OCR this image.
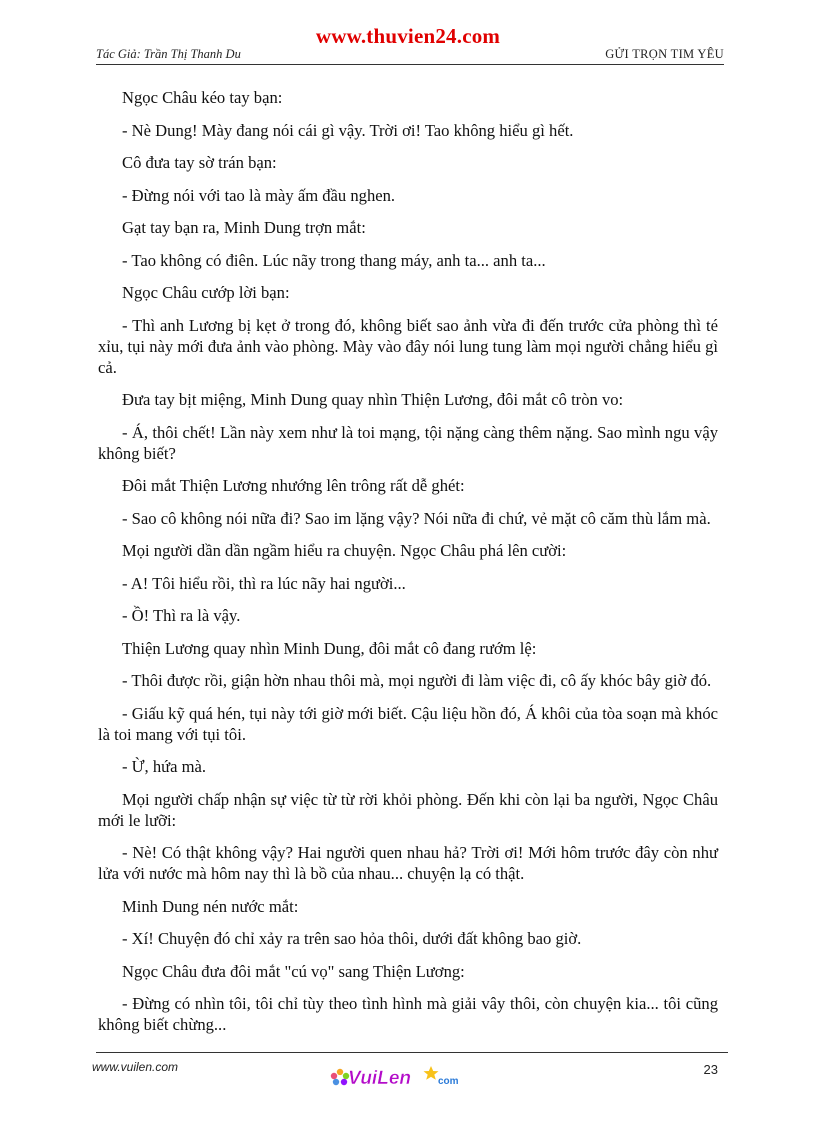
www.thuvien24.com
Tác Giả: Trần Thị Thanh Du	GỬI TRỌN TIM YÊU

Ngọc Châu kéo tay bạn:

- Nè Dung! Mày đang nói cái gì vậy. Trời ơi! Tao không hiểu gì hết.

Cô đưa tay sờ trán bạn:

- Đừng nói với tao là mày ấm đầu nghen.

Gạt tay bạn ra, Minh Dung trợn mắt:

- Tao không có điên. Lúc nãy trong thang máy, anh ta... anh ta...

Ngọc Châu cướp lời bạn:

- Thì anh Lương bị kẹt ở trong đó, không biết sao ảnh vừa đi đến trước cửa phòng thì té xỉu, tụi này mới đưa ảnh vào phòng. Mày vào đây nói lung tung làm mọi người chẳng hiểu gì cả.

Đưa tay bịt miệng, Minh Dung quay nhìn Thiện Lương, đôi mắt cô tròn vo:

- Á, thôi chết! Lần này xem như là toi mạng, tội nặng càng thêm nặng. Sao mình ngu vậy không biết?

Đôi mắt Thiện Lương nhướng lên trông rất dễ ghét:

- Sao cô không nói nữa đi? Sao im lặng vậy? Nói nữa đi chứ, vẻ mặt cô căm thù lắm mà.

Mọi người dần dần ngầm hiểu ra chuyện. Ngọc Châu phá lên cười:

- A! Tôi hiểu rồi, thì ra lúc nãy hai người...

- Ồ! Thì ra là vậy.

Thiện Lương quay nhìn Minh Dung, đôi mắt cô đang rướm lệ:

- Thôi được rồi, giận hờn nhau thôi mà, mọi người đi làm việc đi, cô ấy khóc bây giờ đó.

- Giấu kỹ quá hén, tụi này tới giờ mới biết. Cậu liệu hồn đó, Á khôi của tòa soạn mà khóc là toi mang với tụi tôi.

- Ừ, hứa mà.

Mọi người chấp nhận sự việc từ từ rời khỏi phòng. Đến khi còn lại ba người, Ngọc Châu mới le lưỡi:

- Nè! Có thật không vậy? Hai người quen nhau hả? Trời ơi! Mới hôm trước đây còn như lửa với nước mà hôm nay thì là bồ của nhau... chuyện lạ có thật.

Minh Dung nén nước mắt:

- Xí! Chuyện đó chỉ xảy ra trên sao hỏa thôi, dưới đất không bao giờ.

Ngọc Châu đưa đôi mắt "cú vọ" sang Thiện Lương:

- Đừng có nhìn tôi, tôi chỉ tùy theo tình hình mà giải vây thôi, còn chuyện kia... tôi cũng không biết chừng...

www.vuilen.com
VuiLen	com
23
